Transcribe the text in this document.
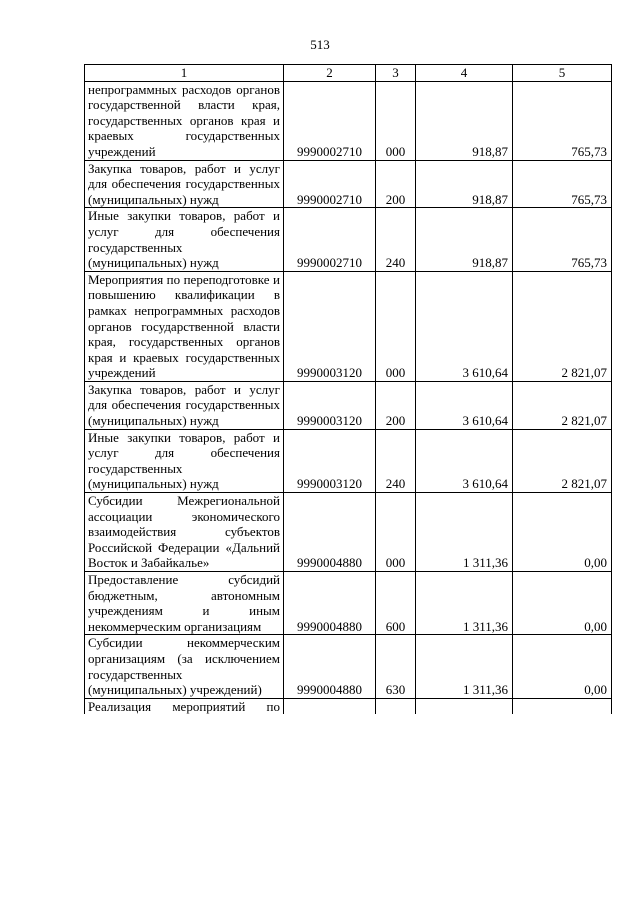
513
1	2	3	4	5
непрограммных расходов органов государственной власти края, государственных органов края и краевых государственных учреждений	9990002710	000	918,87	765,73
Закупка товаров, работ и услуг для обеспечения государственных (муниципальных) нужд	9990002710	200	918,87	765,73
Иные закупки товаров, работ и услуг для обеспечения государственных (муниципальных) нужд	9990002710	240	918,87	765,73
Мероприятия по переподготовке и повышению квалификации в рамках непрограммных расходов органов государственной власти края, государственных органов края и краевых государственных учреждений	9990003120	000	3 610,64	2 821,07
Закупка товаров, работ и услуг для обеспечения государственных (муниципальных) нужд	9990003120	200	3 610,64	2 821,07
Иные закупки товаров, работ и услуг для обеспечения государственных (муниципальных) нужд	9990003120	240	3 610,64	2 821,07
Субсидии Межрегиональной ассоциации экономического взаимодействия субъектов Российской Федерации «Дальний Восток и Забайкалье»	9990004880	000	1 311,36	0,00
Предоставление субсидий бюджетным, автономным учреждениям и иным некоммерческим организациям	9990004880	600	1 311,36	0,00
Субсидии некоммерческим организациям (за исключением государственных (муниципальных) учреждений)	9990004880	630	1 311,36	0,00
Реализация мероприятий по				
